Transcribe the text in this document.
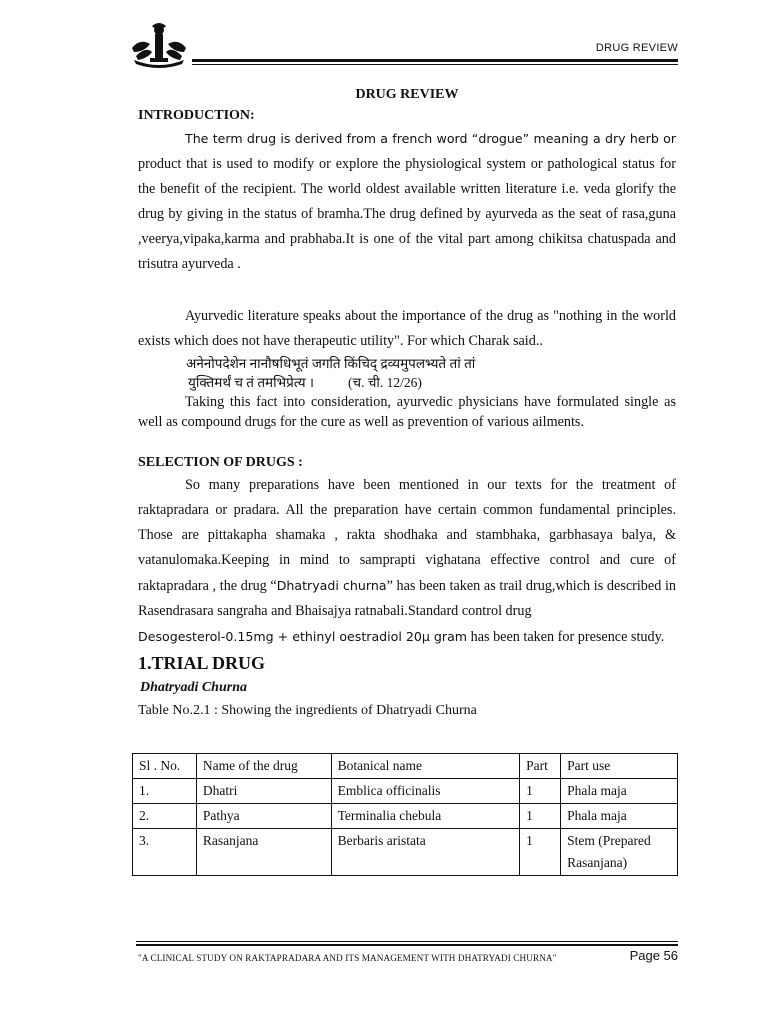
DRUG REVIEW
DRUG REVIEW
INTRODUCTION:

The term drug is derived from a french word “drogue” meaning a dry herb or product that is used to modify or explore the physiological system or pathological status for the benefit of the recipient. The world oldest available written literature i.e. veda glorify the drug by giving in the status of bramha.The drug defined by ayurveda as the seat of rasa,guna ,veerya,vipaka,karma and prabhaba.It is one of the vital part among chikitsa chatuspada and trisutra ayurveda .

Ayurvedic literature speaks about the importance of the drug as "nothing in the world exists which does not have therapeutic utility". For which Charak said..

अनेनोपदेशेन नानौषधिभूतं जगति किंचिद् द्रव्यमुपलभ्यते तां तां
युक्तिमर्थं च तं तमभिप्रेत्य ।	(च. ची. 12/26)

Taking this fact into consideration, ayurvedic physicians have formulated single as well as compound drugs for the cure as well as prevention of various ailments.

SELECTION OF DRUGS :

So many preparations have been mentioned in our texts for the treatment of raktapradara or pradara. All the preparation have certain common fundamental principles. Those are pittakapha shamaka , rakta shodhaka and stambhaka, garbhasaya balya, & vatanulomaka.Keeping in mind to samprapti vighatana effective control and cure of raktapradara , the drug “Dhatryadi churna” has been taken as trail drug,which is described in Rasendrasara sangraha and Bhaisajya ratnabali.Standard control drug
Desogesterol-0.15mg + ethinyl oestradiol 20µ gram has been taken for presence study.

1.TRIAL DRUG
Dhatryadi Churna
Table No.2.1 : Showing the ingredients of Dhatryadi Churna
Sl . No.	Name of the drug	Botanical name	Part	Part use
1.	Dhatri	Emblica officinalis	1	Phala maja
2.	Pathya	Terminalia chebula	1	Phala maja
3.	Rasanjana	Berbaris aristata	1	Stem (Prepared Rasanjana)
"A CLINICAL STUDY ON RAKTAPRADARA AND ITS MANAGEMENT WITH DHATRYADI CHURNA"	Page 56
